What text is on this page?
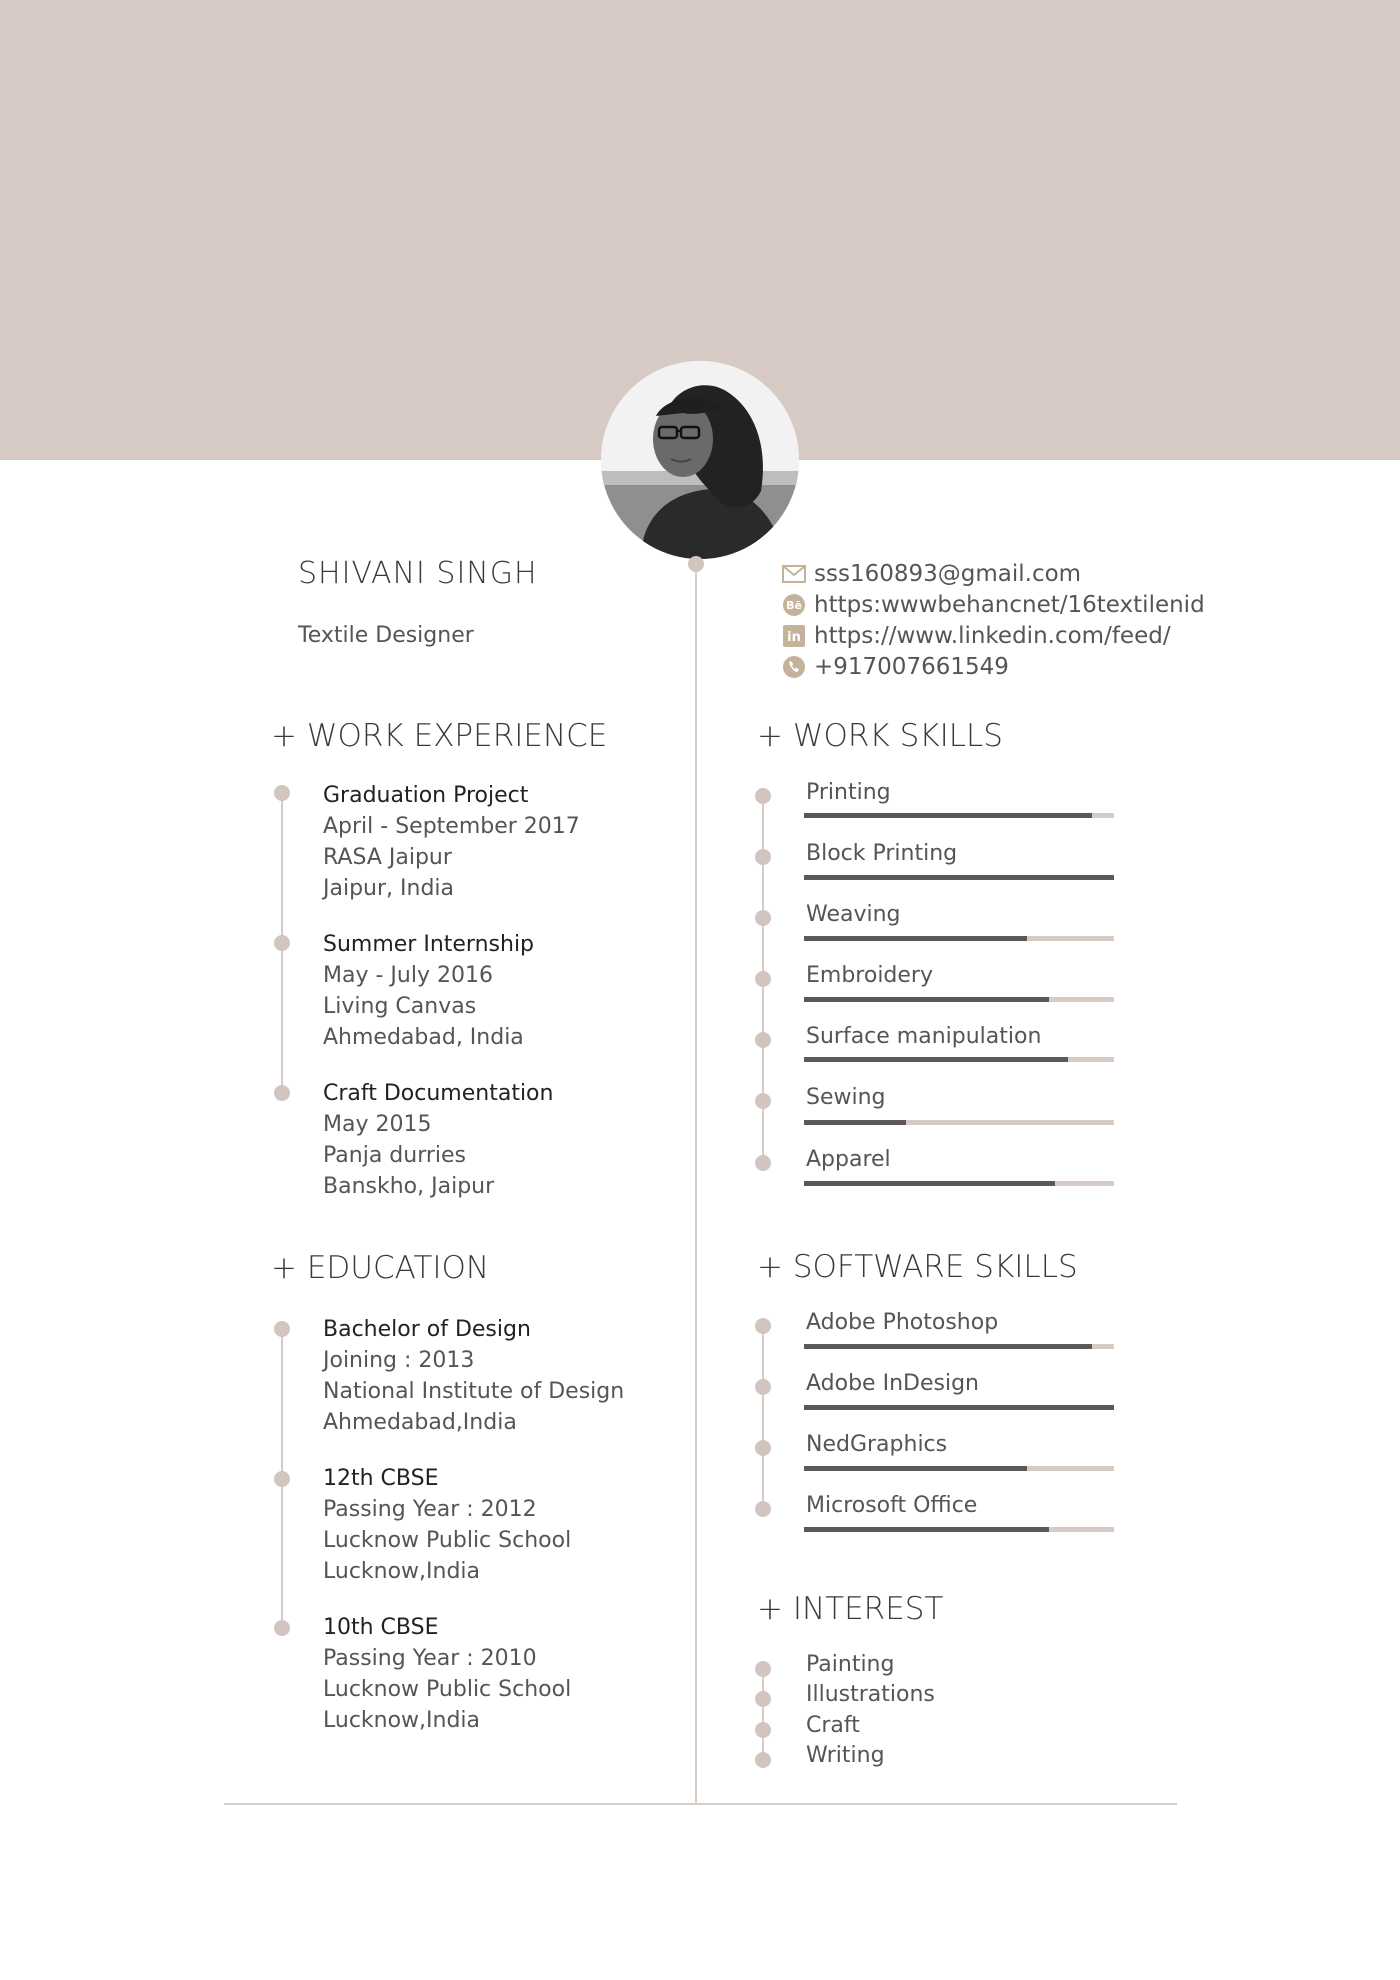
SHIVANI SINGH
Textile Designer
sss160893@gmail.com
Bē https:wwwbehancnet/16textilenid
in https://www.linkedin.com/feed/
+917007661549
+ WORK EXPERIENCE
Graduation Project
April - September 2017
RASA Jaipur
Jaipur, India
Summer Internship
May - July 2016
Living Canvas
Ahmedabad, India
Craft Documentation
May 2015
Panja durries
Banskho, Jaipur
+ EDUCATION
Bachelor of Design
Joining : 2013
National Institute of Design
Ahmedabad,India
12th CBSE
Passing Year : 2012
Lucknow Public School
Lucknow,India
10th CBSE
Passing Year : 2010
Lucknow Public School
Lucknow,India
+ WORK SKILLS
Printing
Block Printing
Weaving
Embroidery
Surface manipulation
Sewing
Apparel
+ SOFTWARE SKILLS
Adobe Photoshop
Adobe InDesign
NedGraphics
Microsoft Office
+ INTEREST
Painting
Illustrations
Craft
Writing
